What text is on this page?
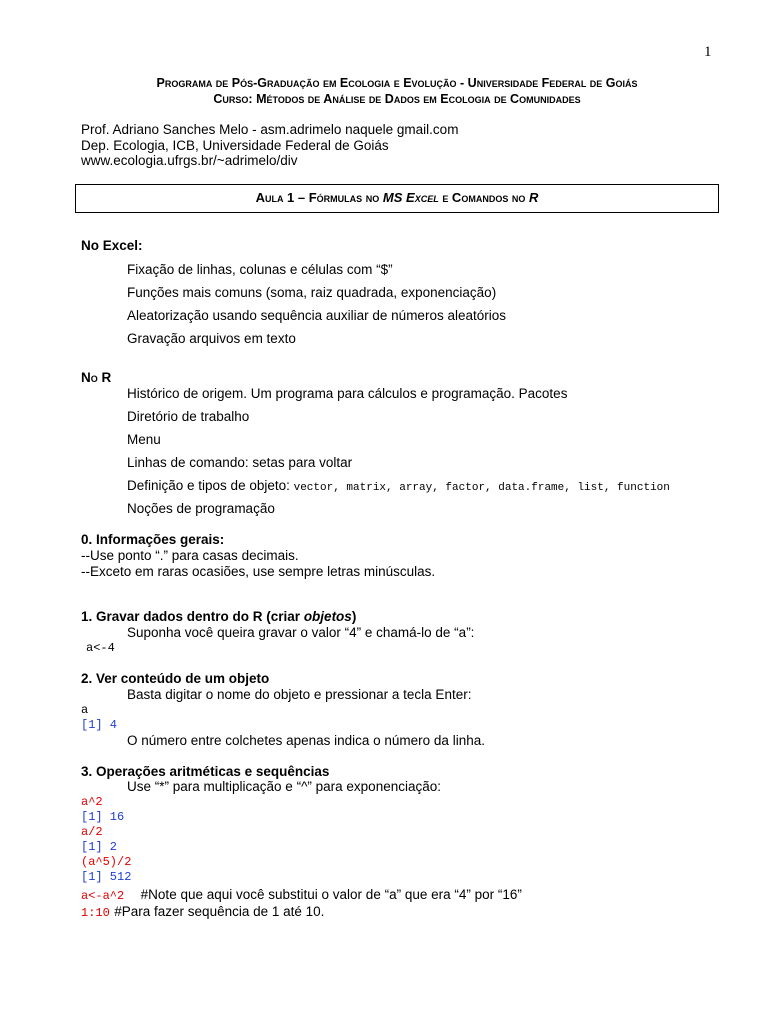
1
Programa de Pós-Graduação em Ecologia e Evolução - Universidade Federal de Goiás
Curso: Métodos de Análise de Dados em Ecologia de Comunidades
Prof. Adriano Sanches Melo - asm.adrimelo naquele gmail.com
Dep. Ecologia, ICB, Universidade Federal de Goiás
www.ecologia.ufrgs.br/~adrimelo/div
Aula 1 – Fórmulas no MS Excel e Comandos no R
No Excel:
Fixação de linhas, colunas e células com “$”
Funções mais comuns (soma, raiz quadrada, exponenciação)
Aleatorização usando sequência auxiliar de números aleatórios
Gravação arquivos em texto
No R
Histórico de origem. Um programa para cálculos e programação. Pacotes
Diretório de trabalho
Menu
Linhas de comando: setas para voltar
Definição e tipos de objeto: vector, matrix, array, factor, data.frame, list, function
Noções de programação
0. Informações gerais:
--Use ponto “.” para casas decimais.
--Exceto em raras ocasiões, use sempre letras minúsculas.
1. Gravar dados dentro do R (criar objetos)
Suponha você queira gravar o valor “4” e chamá-lo de “a”:
a<-4
2. Ver conteúdo de um objeto
Basta digitar o nome do objeto e pressionar a tecla Enter:
a
[1] 4
O número entre colchetes apenas indica o número da linha.
3. Operações aritméticas e sequências
Use “*” para multiplicação e “^” para exponenciação:
a^2
[1] 16
a/2
[1] 2
(a^5)/2
[1] 512
a<-a^2 #Note que aqui você substitui o valor de “a” que era “4” por “16”
1:10 #Para fazer sequência de 1 até 10.
